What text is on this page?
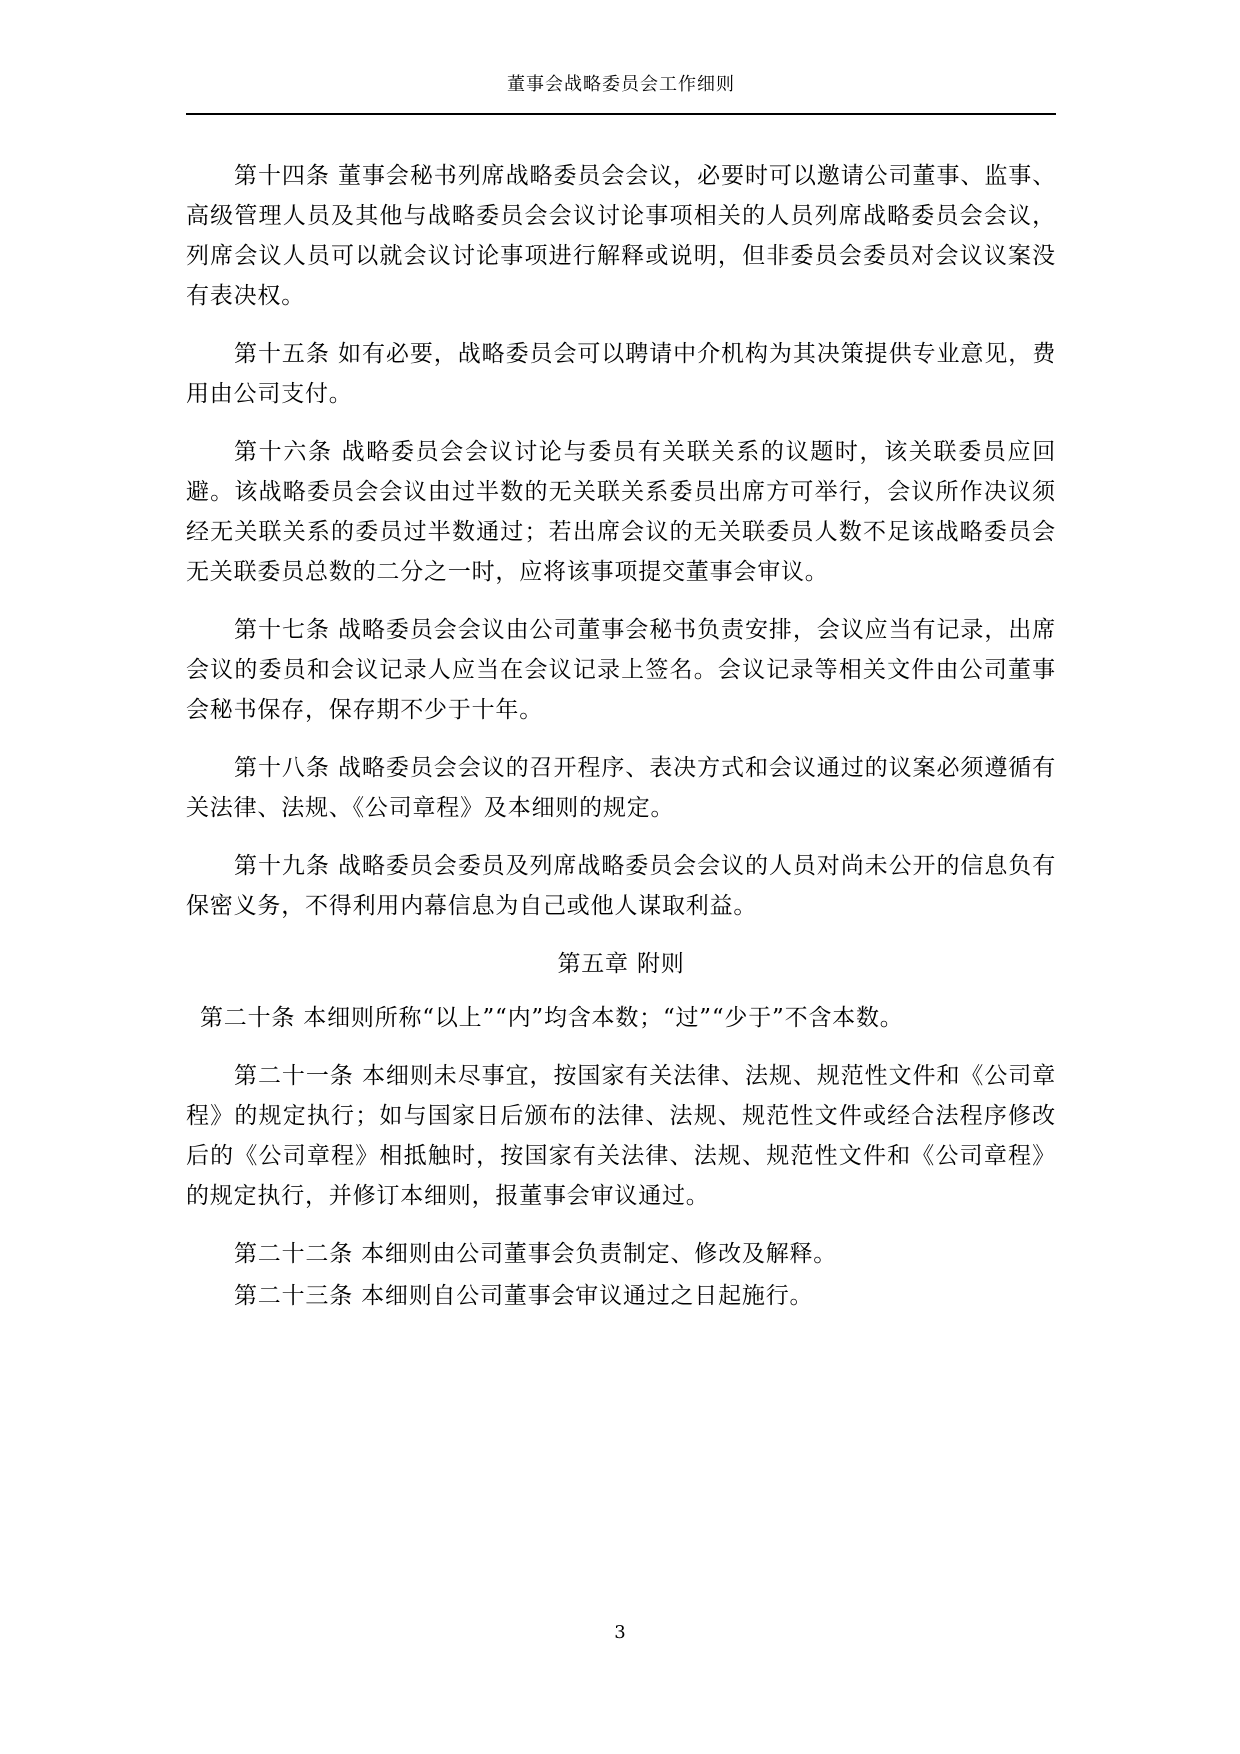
董事会战略委员会工作细则

第十四条 董事会秘书列席战略委员会会议，必要时可以邀请公司董事、监事、高级管理人员及其他与战略委员会会议讨论事项相关的人员列席战略委员会会议，列席会议人员可以就会议讨论事项进行解释或说明，但非委员会委员对会议议案没有表决权。

第十五条 如有必要，战略委员会可以聘请中介机构为其决策提供专业意见，费用由公司支付。

第十六条 战略委员会会议讨论与委员有关联关系的议题时，该关联委员应回避。该战略委员会会议由过半数的无关联关系委员出席方可举行，会议所作决议须经无关联关系的委员过半数通过；若出席会议的无关联委员人数不足该战略委员会无关联委员总数的二分之一时，应将该事项提交董事会审议。

第十七条 战略委员会会议由公司董事会秘书负责安排，会议应当有记录，出席会议的委员和会议记录人应当在会议记录上签名。会议记录等相关文件由公司董事会秘书保存，保存期不少于十年。

第十八条 战略委员会会议的召开程序、表决方式和会议通过的议案必须遵循有关法律、法规、《公司章程》及本细则的规定。

第十九条 战略委员会委员及列席战略委员会会议的人员对尚未公开的信息负有保密义务，不得利用内幕信息为自己或他人谋取利益。

第五章 附则

第二十条 本细则所称“以上”“内”均含本数；“过”“少于”不含本数。

第二十一条 本细则未尽事宜，按国家有关法律、法规、规范性文件和《公司章程》的规定执行；如与国家日后颁布的法律、法规、规范性文件或经合法程序修改后的《公司章程》相抵触时，按国家有关法律、法规、规范性文件和《公司章程》的规定执行，并修订本细则，报董事会审议通过。

第二十二条 本细则由公司董事会负责制定、修改及解释。

第二十三条 本细则自公司董事会审议通过之日起施行。

3
